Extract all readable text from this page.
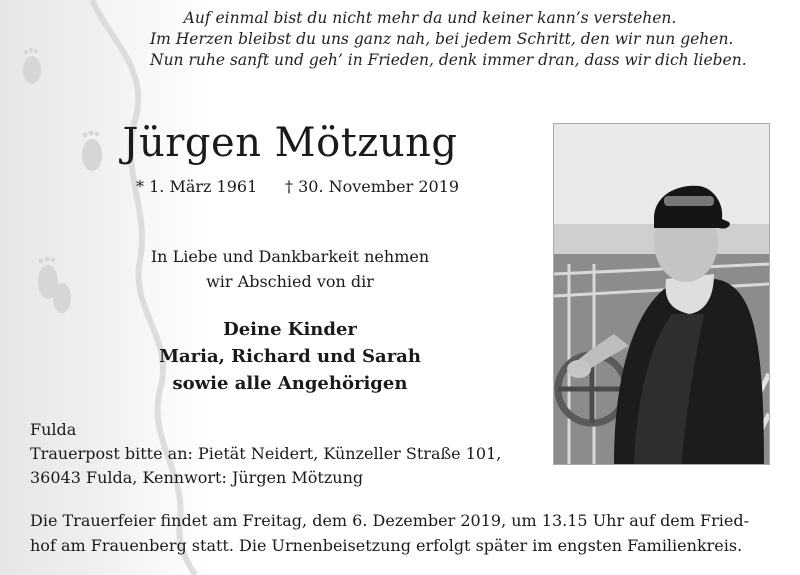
Auf einmal bist du nicht mehr da und keiner kann’s verstehen.
Im Herzen bleibst du uns ganz nah, bei jedem Schritt, den wir nun gehen.
Nun ruhe sanft und geh’ in Frieden, denk immer dran, dass wir dich lieben.
Jürgen Mötzung
* 1. März 1961 † 30. November 2019
In Liebe und Dankbarkeit nehmen
wir Abschied von dir
Deine Kinder
Maria, Richard und Sarah
sowie alle Angehörigen
Fulda
Trauerpost bitte an: Pietät Neidert, Künzeller Straße 101,
36043 Fulda, Kennwort: Jürgen Mötzung
Die Trauerfeier findet am Freitag, dem 6. Dezember 2019, um 13.15 Uhr auf dem Fried-
hof am Frauenberg statt. Die Urnenbeisetzung erfolgt später im engsten Familienkreis.
